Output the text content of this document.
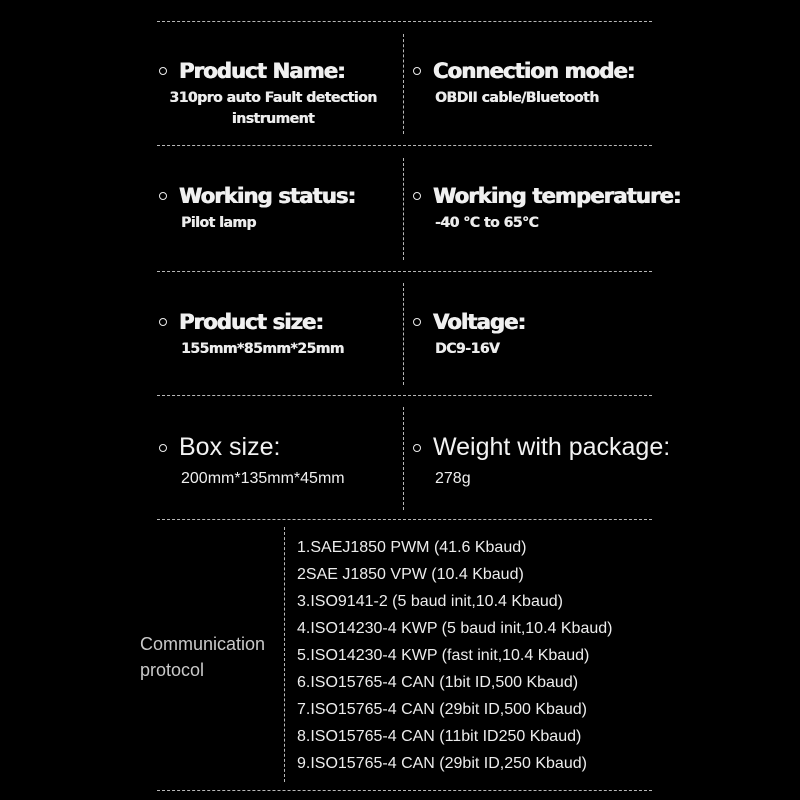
Product Name:
310pro auto Fault detection
instrument
Connection mode:
OBDII cable/Bluetooth
Working status:
Pilot lamp
Working temperature:
-40 °C to 65°C
Product size:
155mm*85mm*25mm
Voltage:
DC9-16V
Box size:
200mm*135mm*45mm
Weight with package:
278g
Communication
protocol
1.SAEJ1850 PWM (41.6 Kbaud)
2SAE J1850 VPW (10.4 Kbaud)
3.ISO9141-2 (5 baud init,10.4 Kbaud)
4.ISO14230-4 KWP (5 baud init,10.4 Kbaud)
5.ISO14230-4 KWP (fast init,10.4 Kbaud)
6.ISO15765-4 CAN (1bit ID,500 Kbaud)
7.ISO15765-4 CAN (29bit ID,500 Kbaud)
8.ISO15765-4 CAN (11bit ID250 Kbaud)
9.ISO15765-4 CAN (29bit ID,250 Kbaud)
